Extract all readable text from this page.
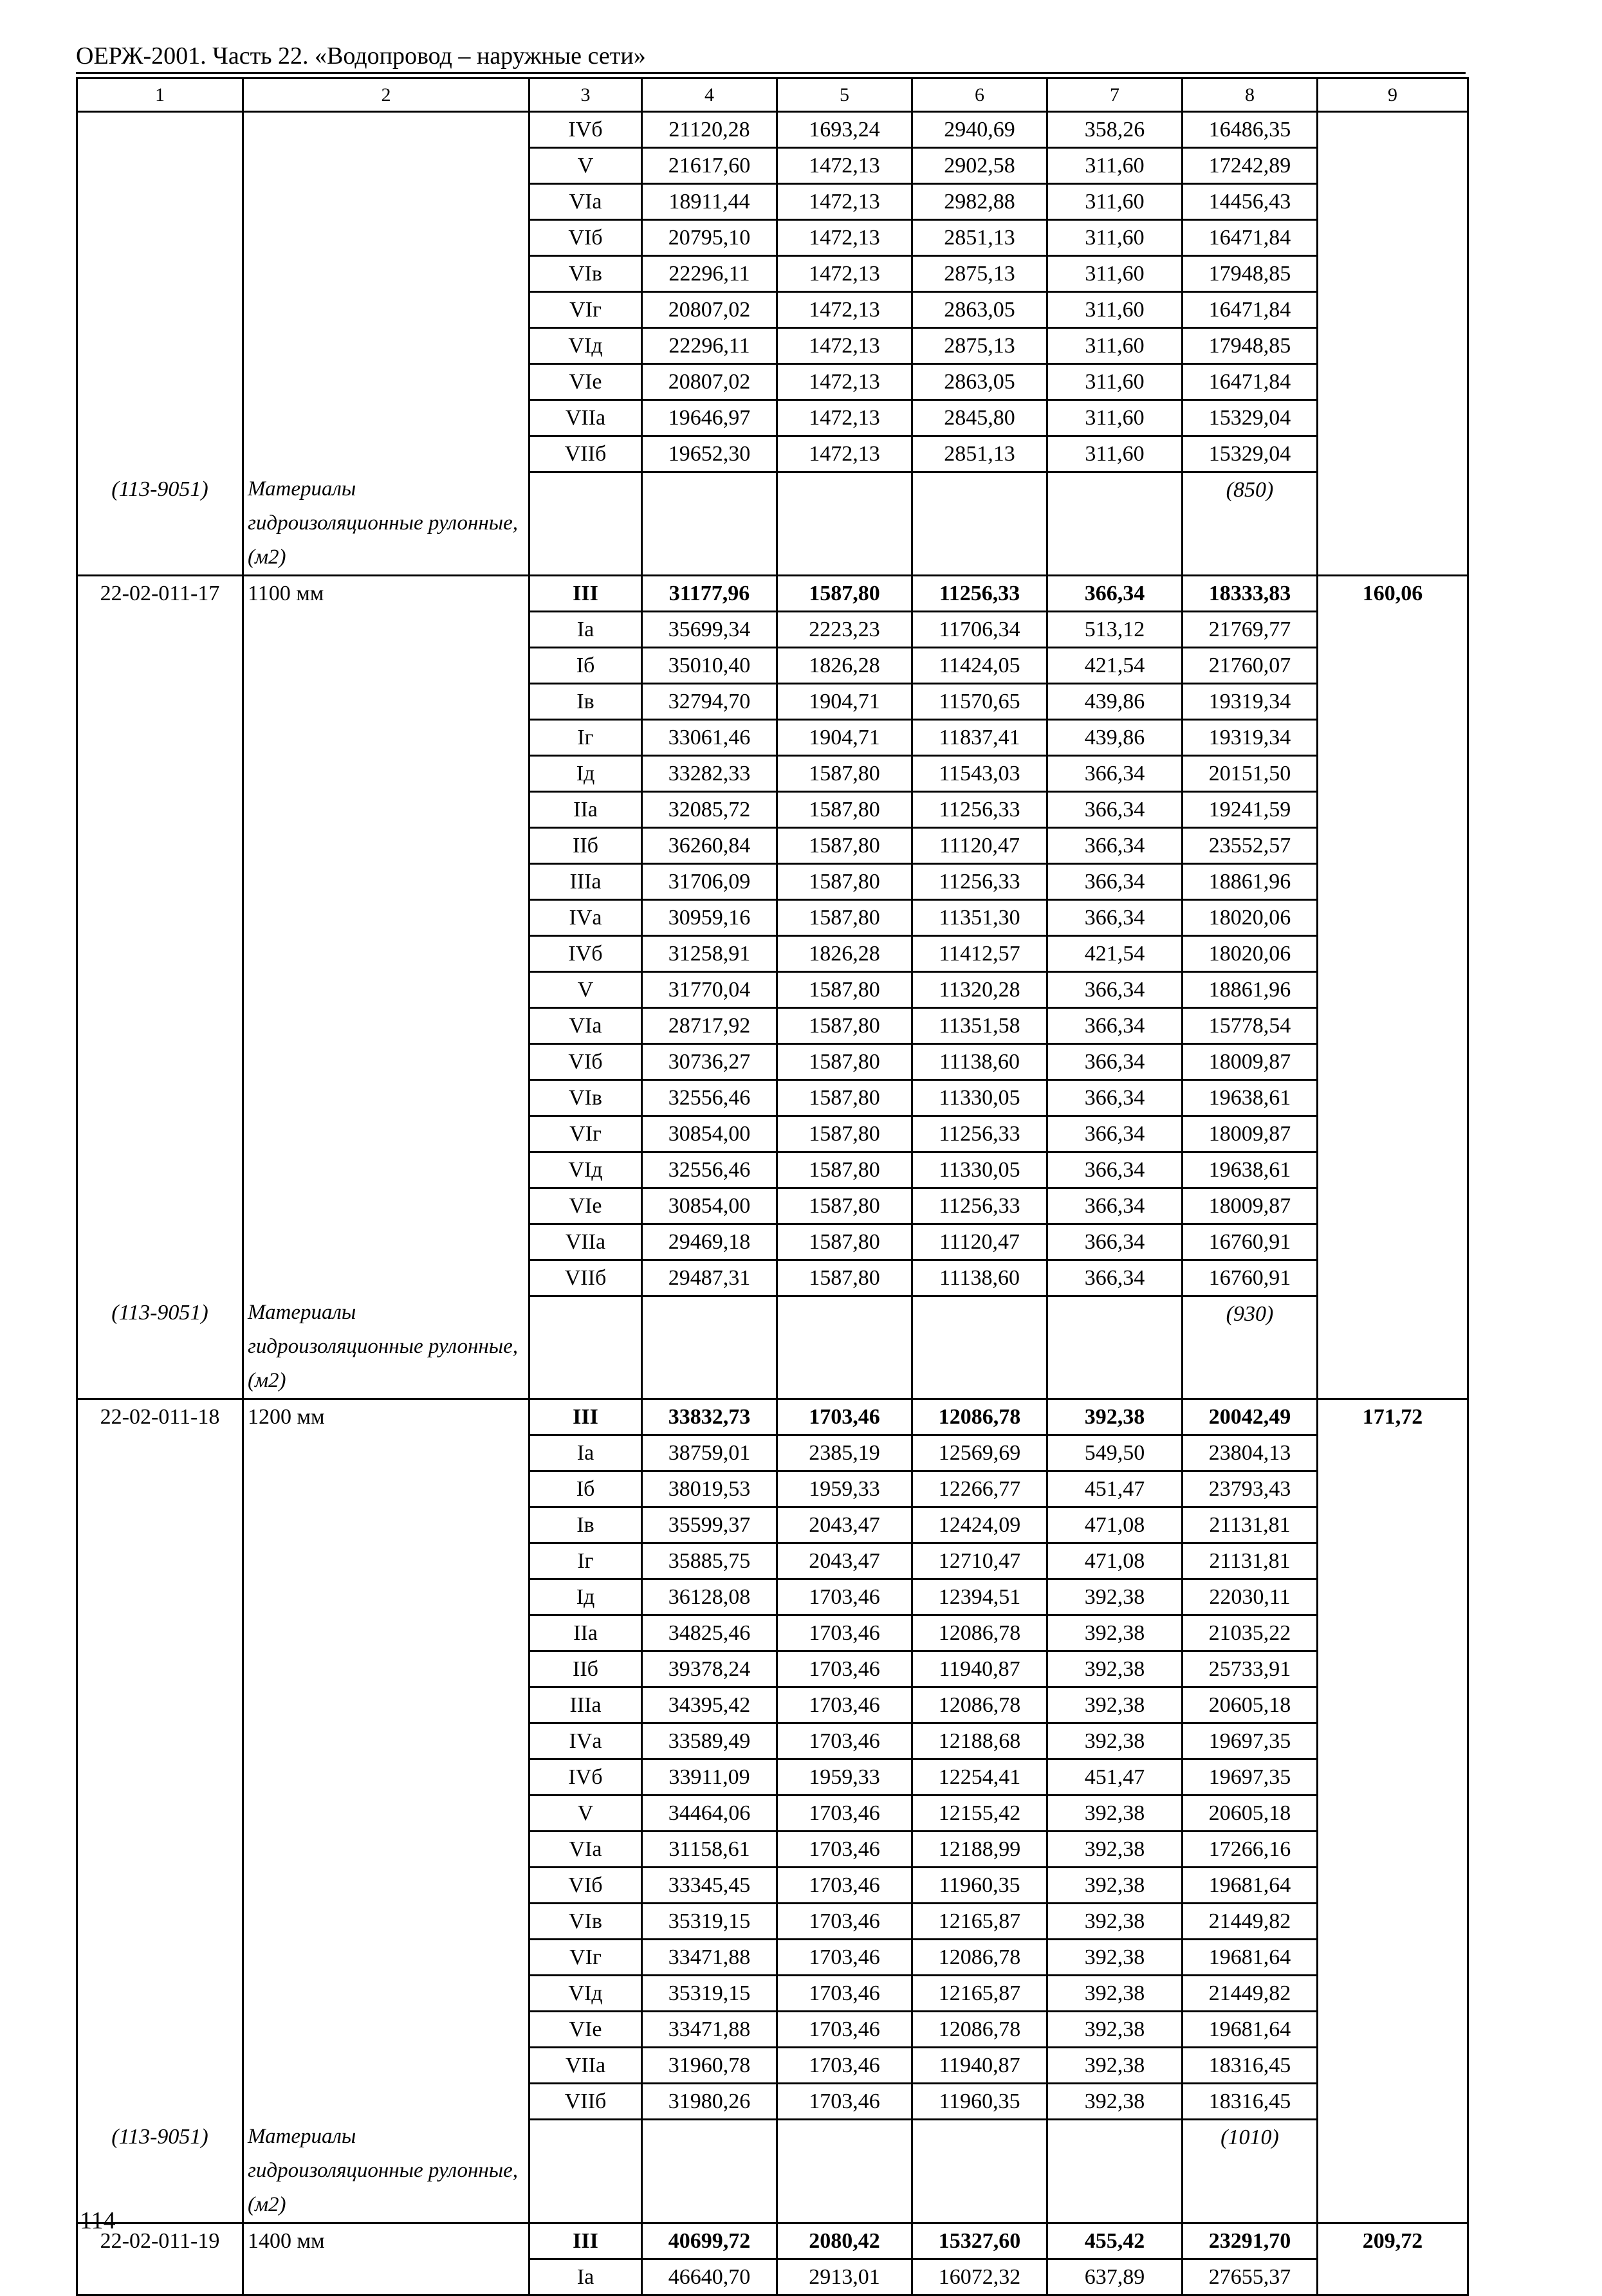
ОЕРЖ-2001. Часть 22. «Водопровод – наружные сети»
1	2	3	4	5	6	7	8	9
		IVб	21120,28	1693,24	2940,69	358,26	16486,35	
		V	21617,60	1472,13	2902,58	311,60	17242,89	
		VIа	18911,44	1472,13	2982,88	311,60	14456,43	
		VIб	20795,10	1472,13	2851,13	311,60	16471,84	
		VIв	22296,11	1472,13	2875,13	311,60	17948,85	
		VIг	20807,02	1472,13	2863,05	311,60	16471,84	
		VIд	22296,11	1472,13	2875,13	311,60	17948,85	
		VIе	20807,02	1472,13	2863,05	311,60	16471,84	
		VIIа	19646,97	1472,13	2845,80	311,60	15329,04	
		VIIб	19652,30	1472,13	2851,13	311,60	15329,04	
(113-9051)	Материалы гидроизоляционные рулонные, (м2)						(850)	
22-02-011-17	1100 мм	III	31177,96	1587,80	11256,33	366,34	18333,83	160,06
		Iа	35699,34	2223,23	11706,34	513,12	21769,77	
		Iб	35010,40	1826,28	11424,05	421,54	21760,07	
		Iв	32794,70	1904,71	11570,65	439,86	19319,34	
		Iг	33061,46	1904,71	11837,41	439,86	19319,34	
		Iд	33282,33	1587,80	11543,03	366,34	20151,50	
		IIа	32085,72	1587,80	11256,33	366,34	19241,59	
		IIб	36260,84	1587,80	11120,47	366,34	23552,57	
		IIIа	31706,09	1587,80	11256,33	366,34	18861,96	
		IVа	30959,16	1587,80	11351,30	366,34	18020,06	
		IVб	31258,91	1826,28	11412,57	421,54	18020,06	
		V	31770,04	1587,80	11320,28	366,34	18861,96	
		VIа	28717,92	1587,80	11351,58	366,34	15778,54	
		VIб	30736,27	1587,80	11138,60	366,34	18009,87	
		VIв	32556,46	1587,80	11330,05	366,34	19638,61	
		VIг	30854,00	1587,80	11256,33	366,34	18009,87	
		VIд	32556,46	1587,80	11330,05	366,34	19638,61	
		VIе	30854,00	1587,80	11256,33	366,34	18009,87	
		VIIа	29469,18	1587,80	11120,47	366,34	16760,91	
		VIIб	29487,31	1587,80	11138,60	366,34	16760,91	
(113-9051)	Материалы гидроизоляционные рулонные, (м2)						(930)	
22-02-011-18	1200 мм	III	33832,73	1703,46	12086,78	392,38	20042,49	171,72
		Iа	38759,01	2385,19	12569,69	549,50	23804,13	
		Iб	38019,53	1959,33	12266,77	451,47	23793,43	
		Iв	35599,37	2043,47	12424,09	471,08	21131,81	
		Iг	35885,75	2043,47	12710,47	471,08	21131,81	
		Iд	36128,08	1703,46	12394,51	392,38	22030,11	
		IIа	34825,46	1703,46	12086,78	392,38	21035,22	
		IIб	39378,24	1703,46	11940,87	392,38	25733,91	
		IIIа	34395,42	1703,46	12086,78	392,38	20605,18	
		IVа	33589,49	1703,46	12188,68	392,38	19697,35	
		IVб	33911,09	1959,33	12254,41	451,47	19697,35	
		V	34464,06	1703,46	12155,42	392,38	20605,18	
		VIа	31158,61	1703,46	12188,99	392,38	17266,16	
		VIб	33345,45	1703,46	11960,35	392,38	19681,64	
		VIв	35319,15	1703,46	12165,87	392,38	21449,82	
		VIг	33471,88	1703,46	12086,78	392,38	19681,64	
		VIд	35319,15	1703,46	12165,87	392,38	21449,82	
		VIе	33471,88	1703,46	12086,78	392,38	19681,64	
		VIIа	31960,78	1703,46	11940,87	392,38	18316,45	
		VIIб	31980,26	1703,46	11960,35	392,38	18316,45	
(113-9051)	Материалы гидроизоляционные рулонные, (м2)						(1010)	
22-02-011-19	1400 мм	III	40699,72	2080,42	15327,60	455,42	23291,70	209,72
		Iа	46640,70	2913,01	16072,32	637,89	27655,37	
114
